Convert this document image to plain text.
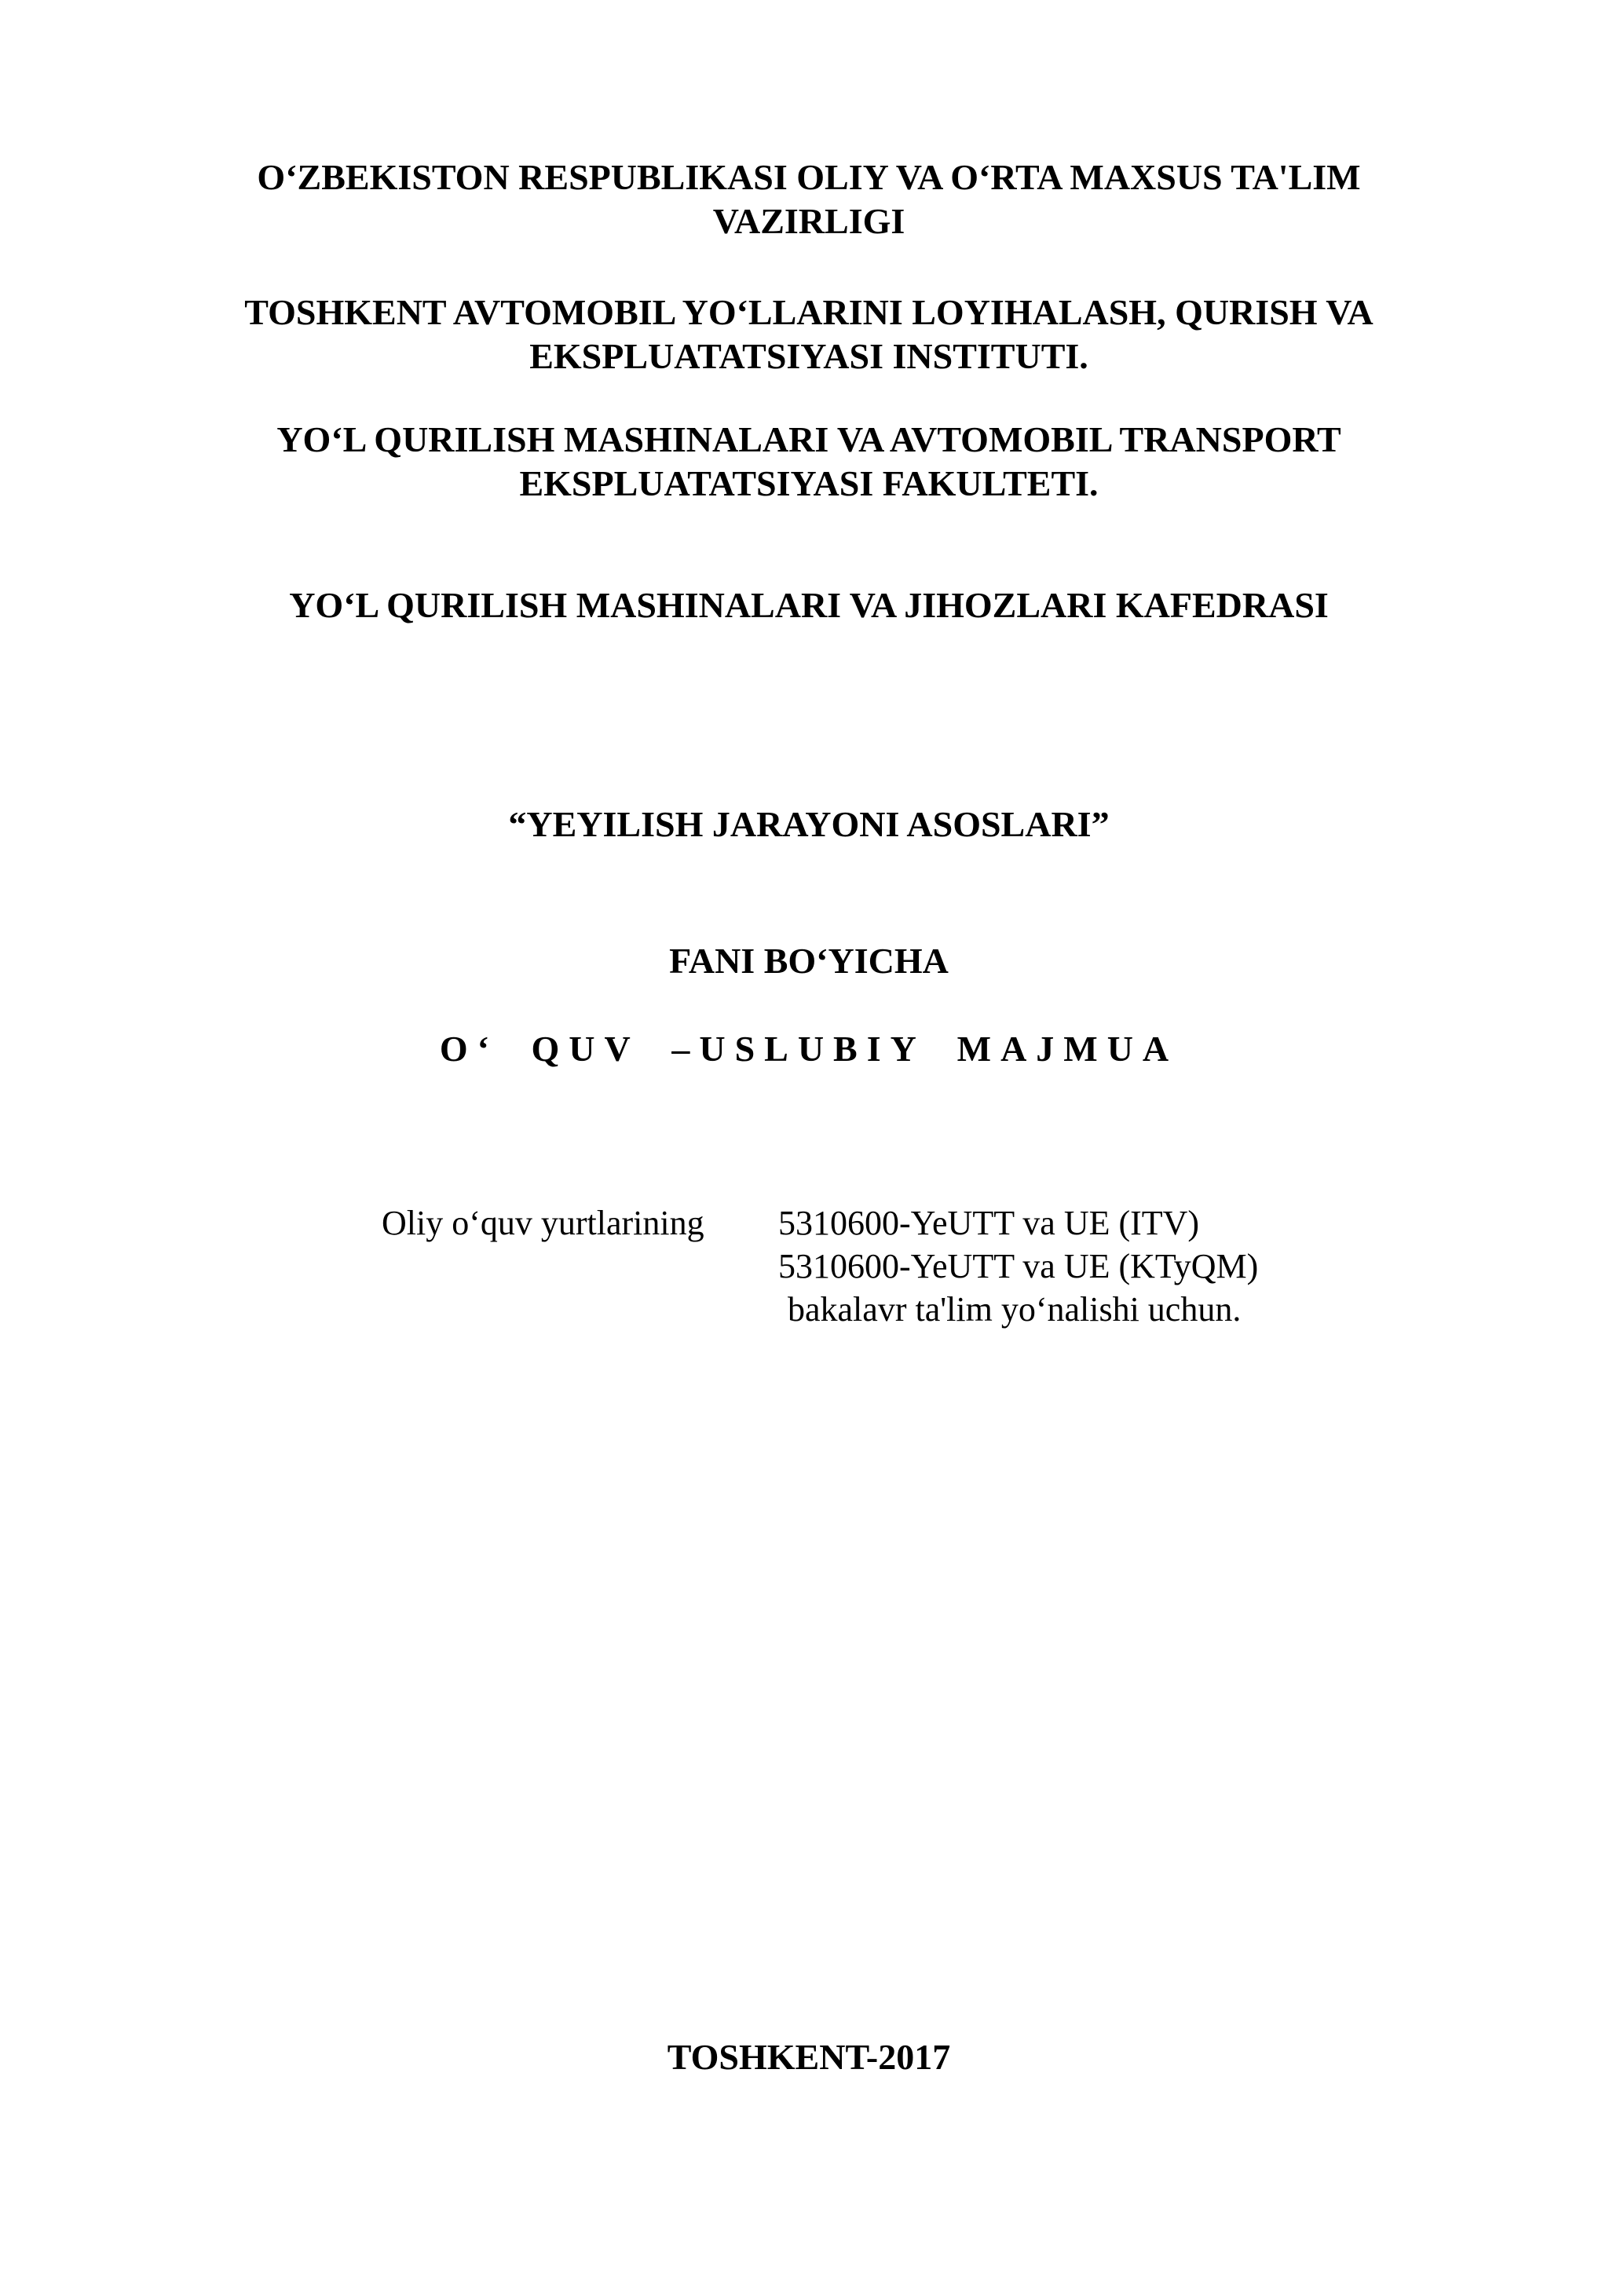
O‘ZBEKISTON RESPUBLIKASI OLIY VA O‘RTA MAXSUS TA'LIM
VAZIRLIGI
TOSHKENT AVTOMOBIL YO‘LLARINI LOYIHALASH, QURISH VA
EKSPLUATATSIYASI INSTITUTI.
YO‘L QURILISH MASHINALARI VA AVTOMOBIL TRANSPORT
EKSPLUATATSIYASI FAKULTETI.
YO‘L QURILISH MASHINALARI VA JIHOZLARI KAFEDRASI
“YEYILISH JARAYONI ASOSLARI”
FANI BO‘YICHA
O‘ QUV –USLUBIY MAJMUA
Oliy o‘quv yurtlarining 5310600-YeUTT va UE (ITV)
5310600-YeUTT va UE (KTyQM)
bakalavr ta'lim yo‘nalishi uchun.
TOSHKENT-2017
